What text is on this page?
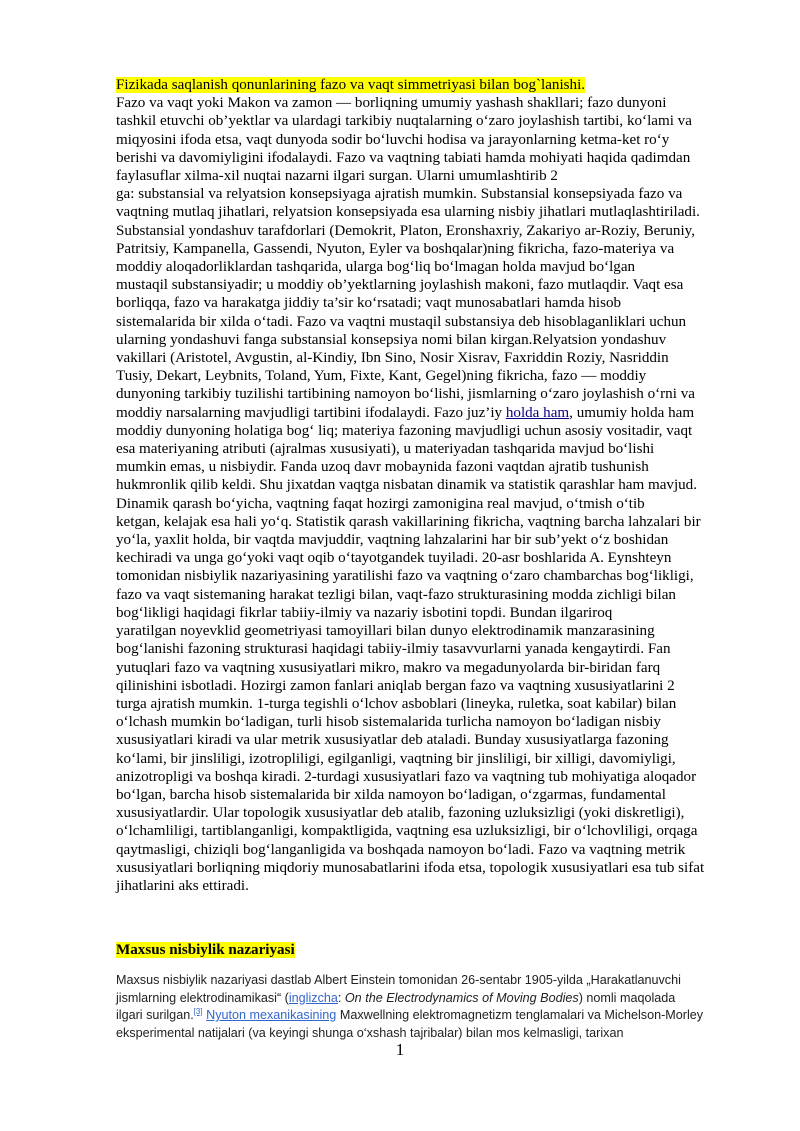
Fizikada saqlanish qonunlarining fazo va vaqt simmetriyasi bilan bog`lanishi.

Fazo va vaqt yoki Makon va zamon — borliqning umumiy yashash shakllari; fazo dunyoni
tashkil etuvchi ob’yektlar va ulardagi tarkibiy nuqtalarning o‘zaro joylashish tartibi, ko‘lami va
miqyosini ifoda etsa, vaqt dunyoda sodir bo‘luvchi hodisa va jarayonlarning ketma-ket ro‘y
berishi va davomiyligini ifodalaydi. Fazo va vaqtning tabiati hamda mohiyati haqida qadimdan
faylasuflar xilma-xil nuqtai nazarni ilgari surgan. Ularni umumlashtirib 2
ga: substansial va relyatsion konsepsiyaga ajratish mumkin. Substansial konsepsiyada fazo va
vaqtning mutlaq jihatlari, relyatsion konsepsiyada esa ularning nisbiy jihatlari mutlaqlashtiriladi.
Substansial yondashuv tarafdorlari (Demokrit, Platon, Eronshaxriy, Zakariyo ar-Roziy, Beruniy,
Patritsiy, Kampanella, Gassendi, Nyuton, Eyler va boshqalar)ning fikricha, fazo-materiya va
moddiy aloqadorliklardan tashqarida, ularga bog‘liq bo‘lmagan holda mavjud bo‘lgan
mustaqil substansiyadir; u moddiy ob’yektlarning joylashish makoni, fazo mutlaqdir. Vaqt esa
borliqqa, fazo va harakatga jiddiy ta’sir ko‘rsatadi; vaqt munosabatlari hamda hisob
sistemalarida bir xilda o‘tadi. Fazo va vaqtni mustaqil substansiya deb hisoblaganliklari uchun
ularning yondashuvi fanga substansial konsepsiya nomi bilan kirgan.Relyatsion yondashuv
vakillari (Aristotel, Avgustin, al-Kindiy, Ibn Sino, Nosir Xisrav, Faxriddin Roziy, Nasriddin
Tusiy, Dekart, Leybnits, Toland, Yum, Fixte, Kant, Gegel)ning fikricha, fazo — moddiy
dunyoning tarkibiy tuzilishi tartibining namoyon bo‘lishi, jismlarning o‘zaro joylashish o‘rni va
moddiy narsalarning mavjudligi tartibini ifodalaydi. Fazo juz’iy holda ham, umumiy holda ham
moddiy dunyoning holatiga bog‘ liq; materiya fazoning mavjudligi uchun asosiy vositadir, vaqt
esa materiyaning atributi (ajralmas xususiyati), u materiyadan tashqarida mavjud bo‘lishi
mumkin emas, u nisbiydir. Fanda uzoq davr mobaynida fazoni vaqtdan ajratib tushunish
hukmronlik qilib keldi. Shu jixatdan vaqtga nisbatan dinamik va statistik qarashlar ham mavjud.
Dinamik qarash bo‘yicha, vaqtning faqat hozirgi zamonigina real mavjud, o‘tmish o‘tib
ketgan, kelajak esa hali yo‘q. Statistik qarash vakillarining fikricha, vaqtning barcha lahzalari bir
yo‘la, yaxlit holda, bir vaqtda mavjuddir, vaqtning lahzalarini har bir sub’yekt o‘z boshidan
kechiradi va unga go‘yoki vaqt oqib o‘tayotgandek tuyiladi. 20-asr boshlarida A. Eynshteyn
tomonidan nisbiylik nazariyasining yaratilishi fazo va vaqtning o‘zaro chambarchas bog‘likligi,
fazo va vaqt sistemaning harakat tezligi bilan, vaqt-fazo strukturasining modda zichligi bilan
bog‘likligi haqidagi fikrlar tabiiy-ilmiy va nazariy isbotini topdi. Bundan ilgariroq
yaratilgan noyevklid geometriyasi tamoyillari bilan dunyo elektrodinamik manzarasining
bog‘lanishi fazoning strukturasi haqidagi tabiiy-ilmiy tasavvurlarni yanada kengaytirdi. Fan
yutuqlari fazo va vaqtning xususiyatlari mikro, makro va megadunyolarda bir-biridan farq
qilinishini isbotladi. Hozirgi zamon fanlari aniqlab bergan fazo va vaqtning xususiyatlarini 2
turga ajratish mumkin. 1-turga tegishli o‘lchov asboblari (lineyka, ruletka, soat kabilar) bilan
o‘lchash mumkin bo‘ladigan, turli hisob sistemalarida turlicha namoyon bo‘ladigan nisbiy
xususiyatlari kiradi va ular metrik xususiyatlar deb ataladi. Bunday xususiyatlarga fazoning
ko‘lami, bir jinsliligi, izotropliligi, egilganligi, vaqtning bir jinsliligi, bir xilligi, davomiyligi,
anizotropligi va boshqa kiradi. 2-turdagi xususiyatlari fazo va vaqtning tub mohiyatiga aloqador
bo‘lgan, barcha hisob sistemalarida bir xilda namoyon bo‘ladigan, o‘zgarmas, fundamental
xususiyatlardir. Ular topologik xususiyatlar deb atalib, fazoning uzluksizligi (yoki diskretligi),
o‘lchamliligi, tartiblanganligi, kompaktligida, vaqtning esa uzluksizligi, bir o‘lchovliligi, orqaga
qaytmasligi, chiziqli bog‘langanligida va boshqada namoyon bo‘ladi. Fazo va vaqtning metrik
xususiyatlari borliqning miqdoriy munosabatlarini ifoda etsa, topologik xususiyatlari esa tub sifat
jihatlarini aks ettiradi.

Maxsus nisbiylik nazariyasi
Maxsus nisbiylik nazariyasi dastlab Albert Einstein tomonidan 26-sentabr 1905-yilda „Harakatlanuvchi
jismlarning elektrodinamikasi“ (inglizcha: On the Electrodynamics of Moving Bodies) nomli maqolada
ilgari surilgan.[3] Nyuton mexanikasining Maxwellning elektromagnetizm tenglamalari va Michelson-Morley
eksperimental natijalari (va keyingi shunga o‘xshash tajribalar) bilan mos kelmasligi, tarixan
1
